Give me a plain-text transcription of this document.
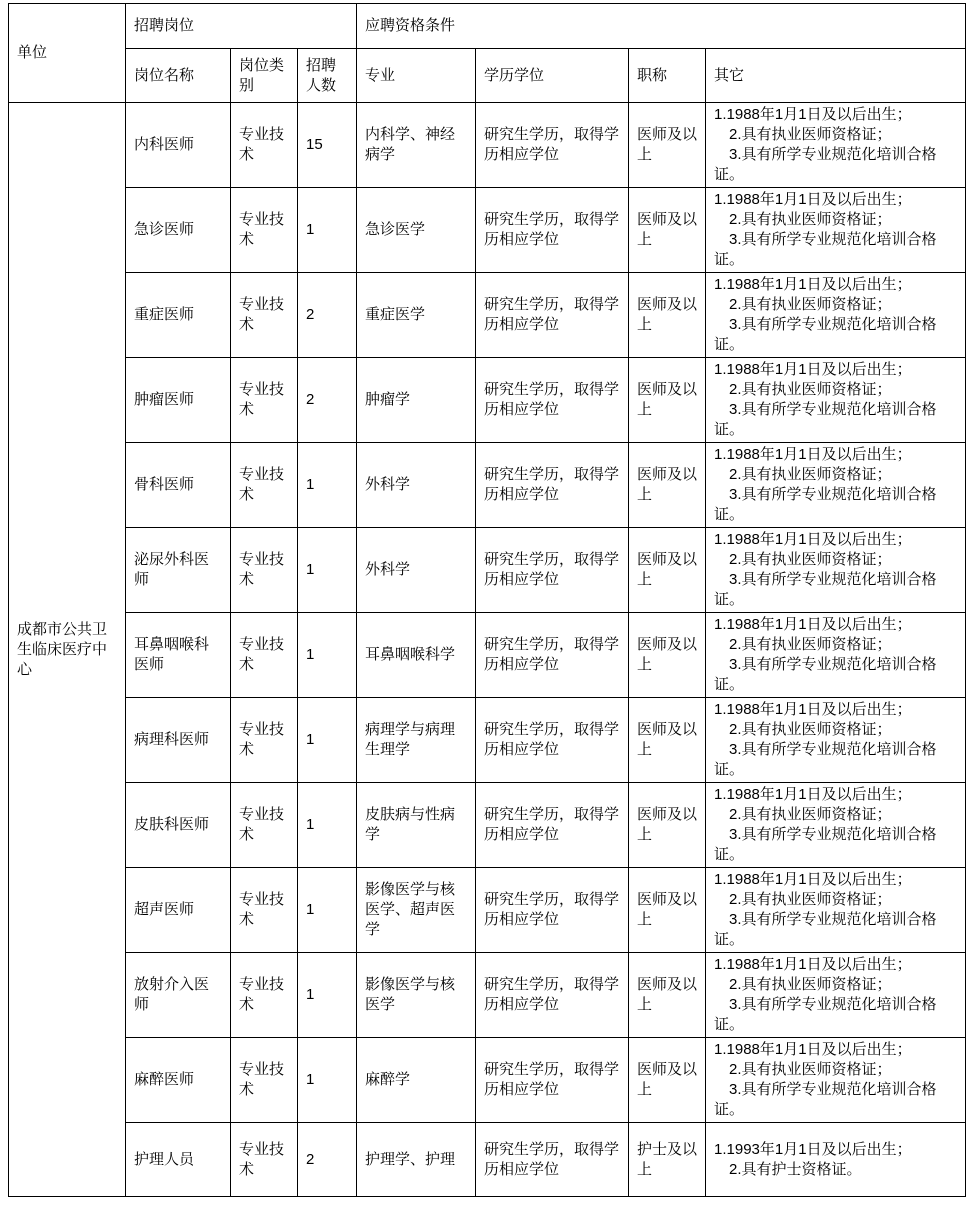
单位	招聘岗位			应聘资格条件			
	岗位名称	岗位类别	招聘人数	专业	学历学位	职称	其它
成都市公共卫生临床医疗中心	内科医师	专业技术	15	内科学、神经病学	研究生学历，取得学历相应学位	医师及以上	1.1988年1月1日及以后出生；
2.具有执业医师资格证；
3.具有所学专业规范化培训合格证。

	急诊医师	专业技术	1	急诊医学	研究生学历，取得学历相应学位	医师及以上	1.1988年1月1日及以后出生；
2.具有执业医师资格证；
3.具有所学专业规范化培训合格证。

	重症医师	专业技术	2	重症医学	研究生学历，取得学历相应学位	医师及以上	1.1988年1月1日及以后出生；
2.具有执业医师资格证；
3.具有所学专业规范化培训合格证。

	肿瘤医师	专业技术	2	肿瘤学	研究生学历，取得学历相应学位	医师及以上	1.1988年1月1日及以后出生；
2.具有执业医师资格证；
3.具有所学专业规范化培训合格证。

	骨科医师	专业技术	1	外科学	研究生学历，取得学历相应学位	医师及以上	1.1988年1月1日及以后出生；
2.具有执业医师资格证；
3.具有所学专业规范化培训合格证。

	泌尿外科医师	专业技术	1	外科学	研究生学历，取得学历相应学位	医师及以上	1.1988年1月1日及以后出生；
2.具有执业医师资格证；
3.具有所学专业规范化培训合格证。

	耳鼻咽喉科医师	专业技术	1	耳鼻咽喉科学	研究生学历，取得学历相应学位	医师及以上	1.1988年1月1日及以后出生；
2.具有执业医师资格证；
3.具有所学专业规范化培训合格证。

	病理科医师	专业技术	1	病理学与病理生理学	研究生学历，取得学历相应学位	医师及以上	1.1988年1月1日及以后出生；
2.具有执业医师资格证；
3.具有所学专业规范化培训合格证。

	皮肤科医师	专业技术	1	皮肤病与性病学	研究生学历，取得学历相应学位	医师及以上	1.1988年1月1日及以后出生；
2.具有执业医师资格证；
3.具有所学专业规范化培训合格证。

	超声医师	专业技术	1	影像医学与核医学、超声医学	研究生学历，取得学历相应学位	医师及以上	1.1988年1月1日及以后出生；
2.具有执业医师资格证；
3.具有所学专业规范化培训合格证。

	放射介入医师	专业技术	1	影像医学与核医学	研究生学历，取得学历相应学位	医师及以上	1.1988年1月1日及以后出生；
2.具有执业医师资格证；
3.具有所学专业规范化培训合格证。

	麻醉医师	专业技术	1	麻醉学	研究生学历，取得学历相应学位	医师及以上	1.1988年1月1日及以后出生；
2.具有执业医师资格证；
3.具有所学专业规范化培训合格证。

	护理人员	专业技术	2	护理学、护理	研究生学历，取得学历相应学位	护士及以上	1.1993年1月1日及以后出生；
2.具有护士资格证。
